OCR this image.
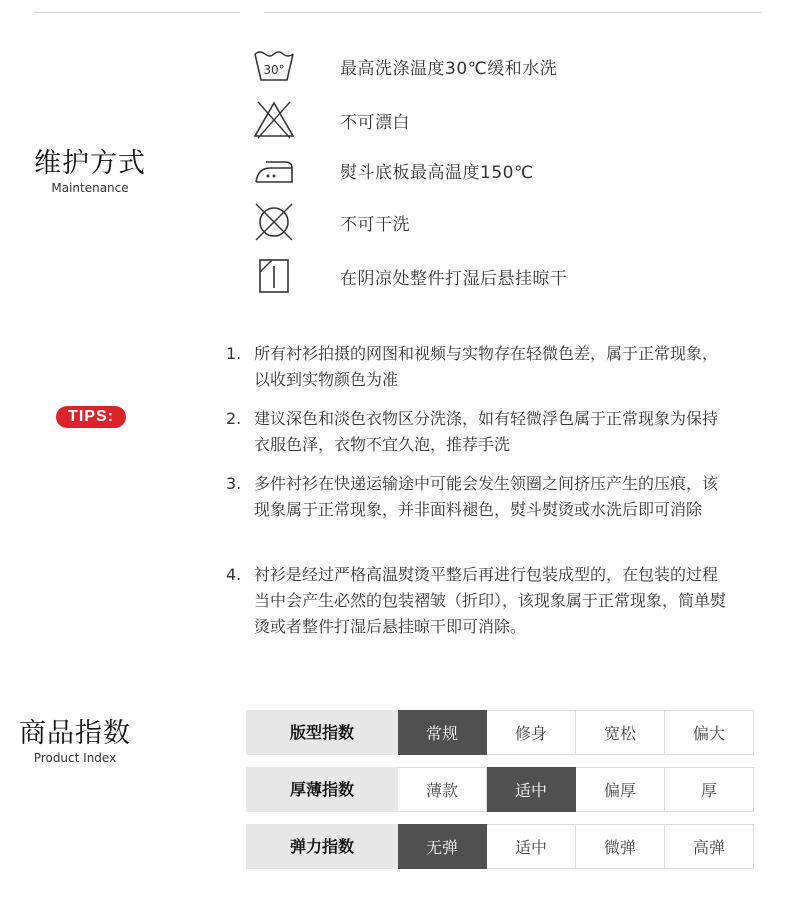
维护方式
Maintenance
30°	最高洗涤温度30℃缓和水洗
不可漂白
熨斗底板最高温度150℃
不可干洗
在阴凉处整件打湿后悬挂晾干
TIPS:
1. 所有衬衫拍摄的网图和视频与实物存在轻微色差，属于正常现象，以收到实物颜色为准
2. 建议深色和淡色衣物区分洗涤，如有轻微浮色属于正常现象为保持衣服色泽，衣物不宜久泡，推荐手洗
3. 多件衬衫在快递运输途中可能会发生领圈之间挤压产生的压痕，该现象属于正常现象，并非面料褪色，熨斗熨烫或水洗后即可消除
4. 衬衫是经过严格高温熨烫平整后再进行包装成型的，在包装的过程当中会产生必然的包装褶皱（折印），该现象属于正常现象，简单熨烫或者整件打湿后悬挂晾干即可消除。
商品指数
Product Index
版型指数	常规	修身	宽松	偏大
厚薄指数	薄款	适中	偏厚	厚
弹力指数	无弹	适中	微弹	高弹
